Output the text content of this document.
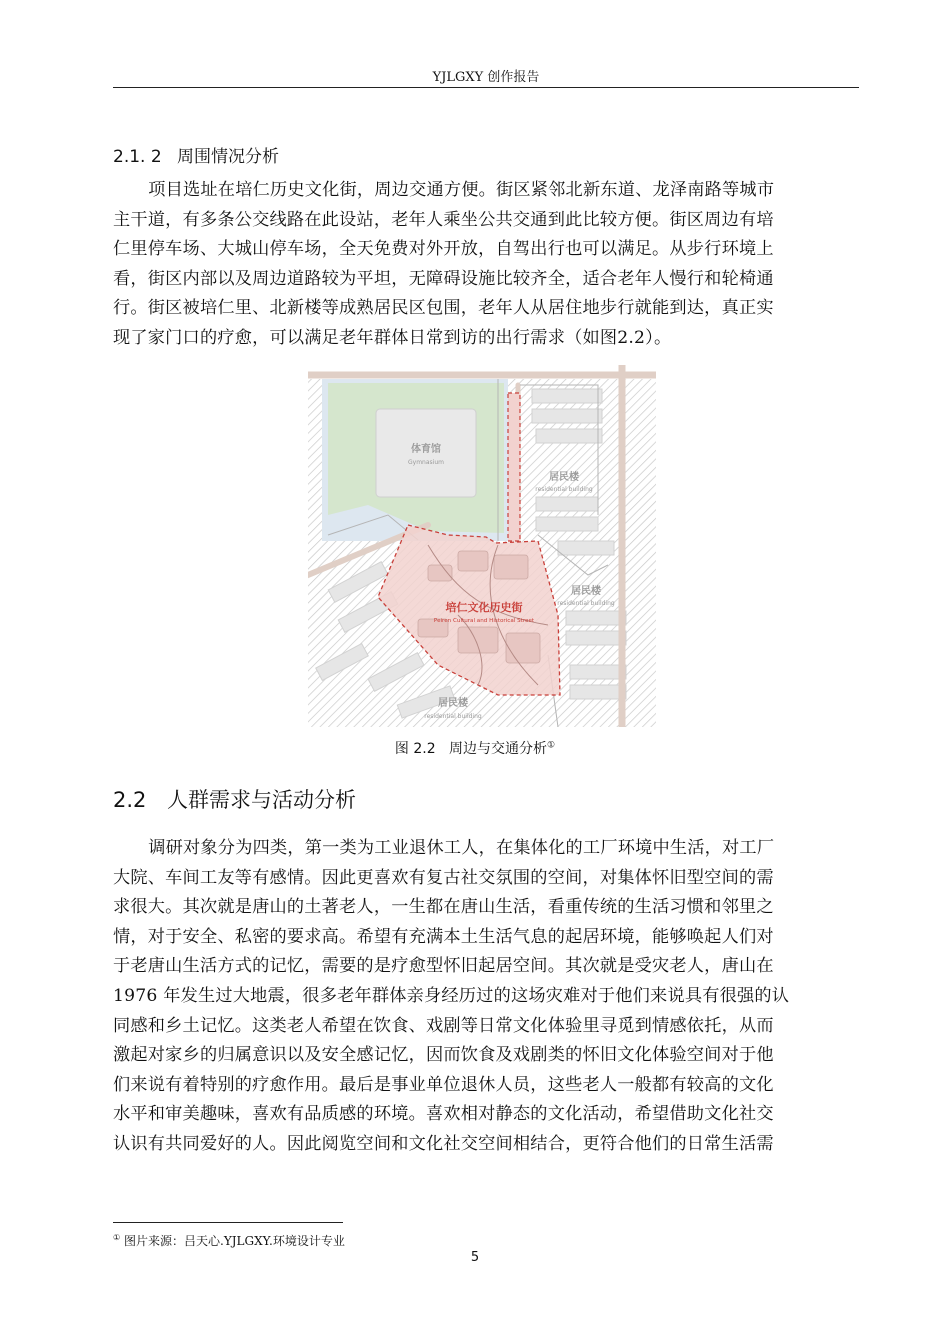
YJLGXY 创作报告
2.1. 2 周围情况分析

项目选址在培仁历史文化街，周边交通方便。街区紧邻北新东道、龙泽南路等城市
主干道，有多条公交线路在此设站，老年人乘坐公共交通到此比较方便。街区周边有培
仁里停车场、大城山停车场，全天免费对外开放，自驾出行也可以满足。从步行环境上
看，街区内部以及周边道路较为平坦，无障碍设施比较齐全，适合老年人慢行和轮椅通
行。街区被培仁里、北新楼等成熟居民区包围，老年人从居住地步行就能到达，真正实
现了家门口的疗愈，可以满足老年群体日常到访的出行需求（如图2.2）。

体育馆
Gymnasium
居民楼
residential building
居民楼
residential building
培仁文化历史街
Peiren Cultural and Historical Street
居民楼
residential building
图 2.2 周边与交通分析①
2.2 人群需求与活动分析

调研对象分为四类，第一类为工业退休工人，在集体化的工厂环境中生活，对工厂
大院、车间工友等有感情。因此更喜欢有复古社交氛围的空间，对集体怀旧型空间的需
求很大。其次就是唐山的土著老人，一生都在唐山生活，看重传统的生活习惯和邻里之
情，对于安全、私密的要求高。希望有充满本土生活气息的起居环境，能够唤起人们对
于老唐山生活方式的记忆，需要的是疗愈型怀旧起居空间。其次就是受灾老人，唐山在
1976 年发生过大地震，很多老年群体亲身经历过的这场灾难对于他们来说具有很强的认
同感和乡土记忆。这类老人希望在饮食、戏剧等日常文化体验里寻觅到情感依托，从而
激起对家乡的归属意识以及安全感记忆，因而饮食及戏剧类的怀旧文化体验空间对于他
们来说有着特别的疗愈作用。最后是事业单位退休人员，这些老人一般都有较高的文化
水平和审美趣味，喜欢有品质感的环境。喜欢相对静态的文化活动，希望借助文化社交
认识有共同爱好的人。因此阅览空间和文化社交空间相结合，更符合他们的日常生活需

① 图片来源：吕天心.YJLGXY.环境设计专业
5
